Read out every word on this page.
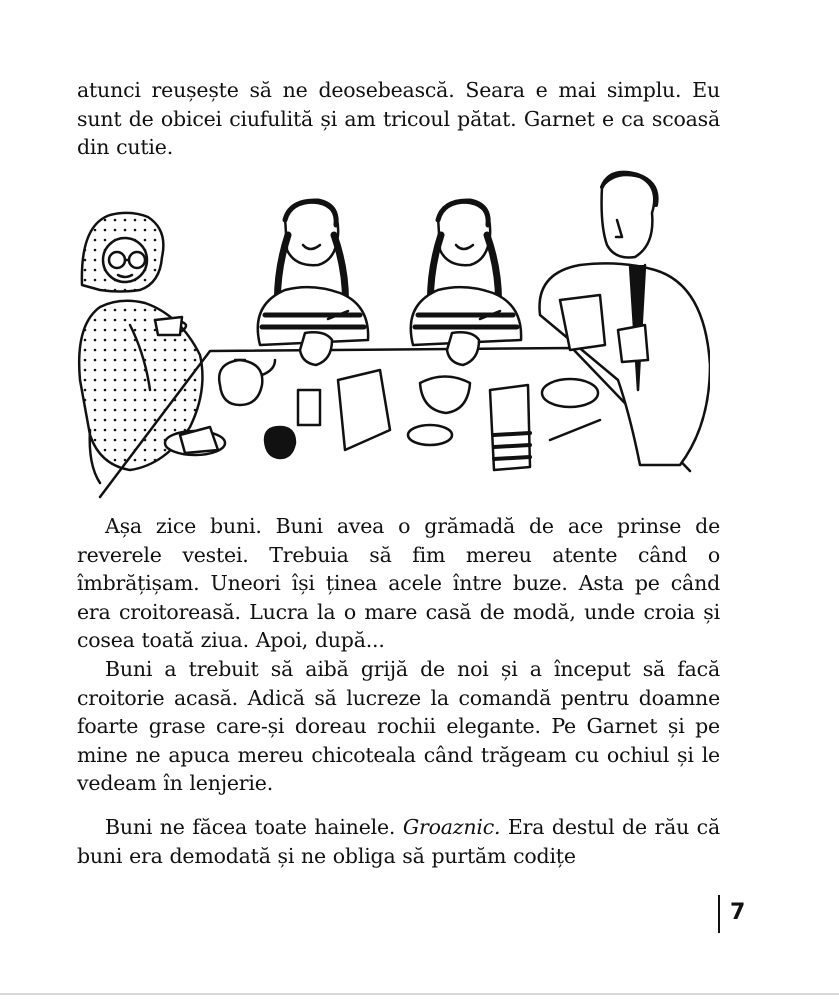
atunci reușește să ne deosebească. Seara e mai simplu. Eu sunt de obicei ciufulită și am tricoul pătat. Garnet e ca scoasă din cutie.

Așa zice buni. Buni avea o grămadă de ace prinse de reverele vestei. Trebuia să fim mereu atente când o îmbrățișam. Uneori își ținea acele între buze. Asta pe când era croitoreasă. Lucra la o mare casă de modă, unde croia și cosea toată ziua. Apoi, după...

Buni a trebuit să aibă grijă de noi și a început să facă croitorie acasă. Adică să lucreze la comandă pentru doamne foarte grase care-și doreau rochii elegante. Pe Garnet și pe mine ne apuca mereu chicoteala când trăgeam cu ochiul și le vedeam în lenjerie.

Buni ne făcea toate hainele. Groaznic. Era destul de rău că buni era demodată și ne obliga să purtăm codițe

7
